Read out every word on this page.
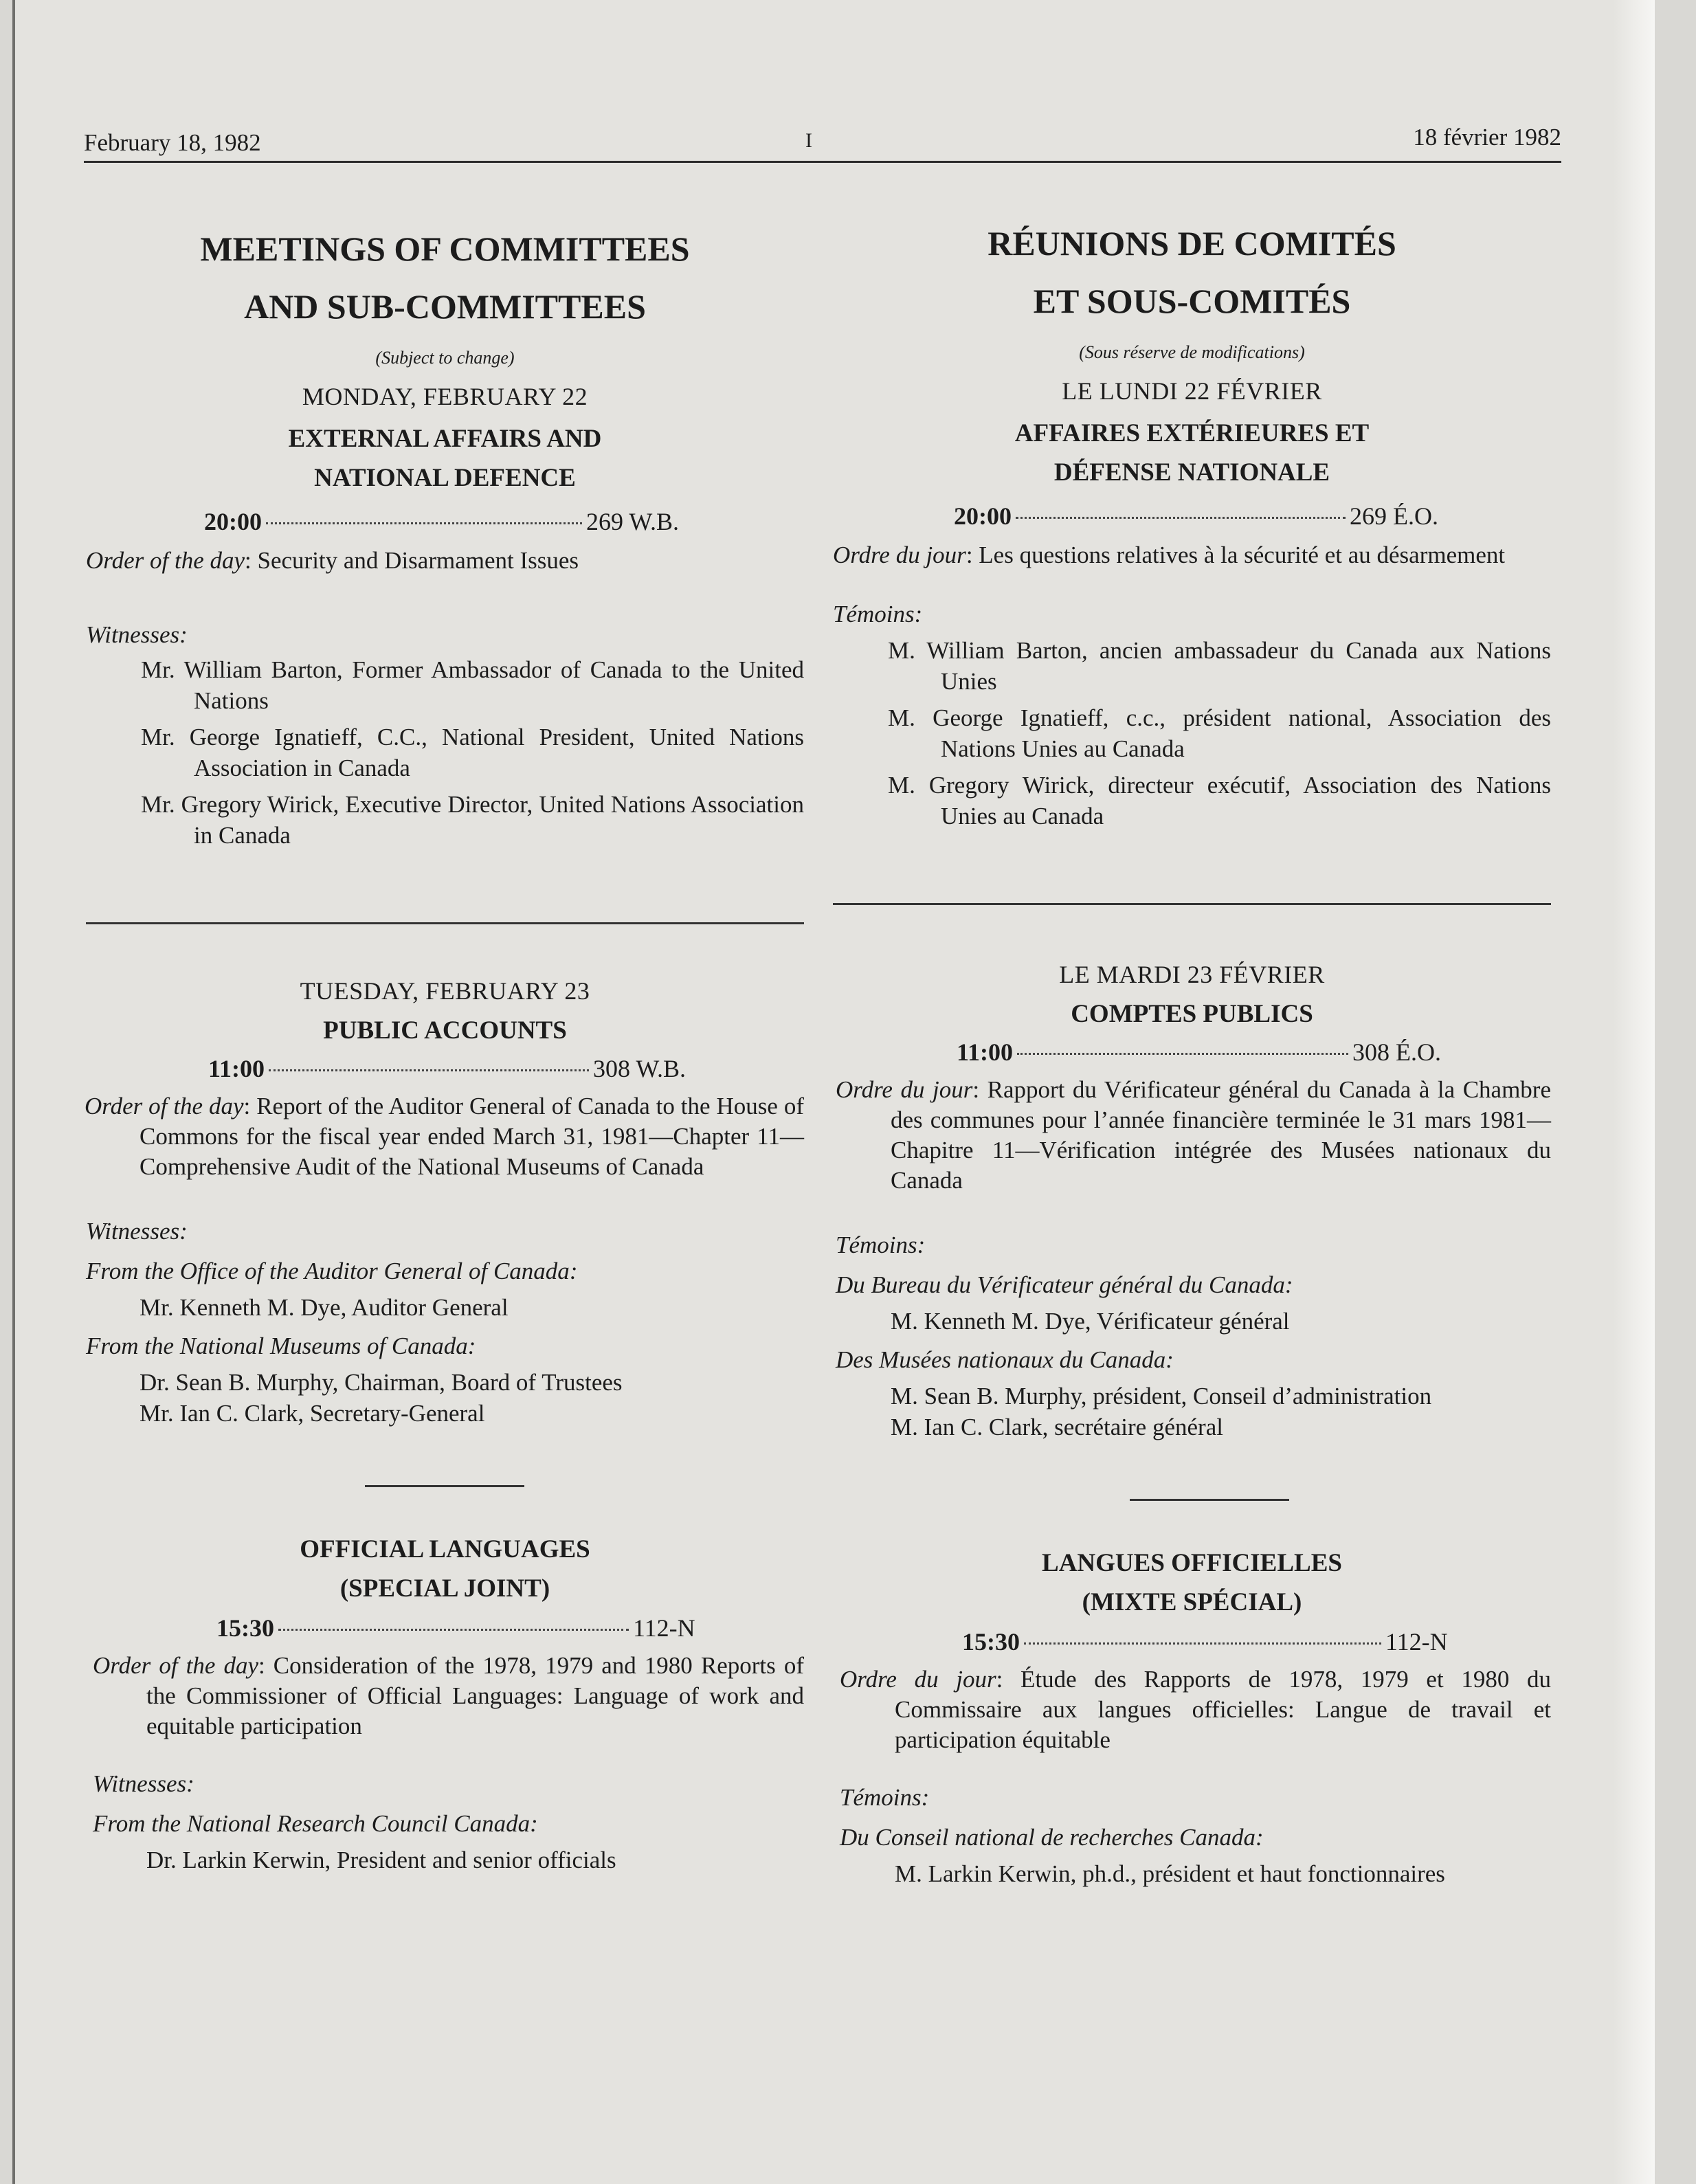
February 18, 1982	I	18 février 1982
MEETINGS OF COMMITTEES
AND SUB-COMMITTEES
(Subject to change)
MONDAY, FEBRUARY 22
EXTERNAL AFFAIRS AND
NATIONAL DEFENCE
20:00	269 W.B.
Order of the day: Security and Disarmament Issues
Witnesses:
Mr. William Barton, Former Ambassador of Canada to the United Nations
Mr. George Ignatieff, C.C., National President, United Nations Association in Canada
Mr. Gregory Wirick, Executive Director, United Nations Association in Canada
TUESDAY, FEBRUARY 23
PUBLIC ACCOUNTS
11:00	308 W.B.
Order of the day: Report of the Auditor General of Canada to the House of Commons for the fiscal year ended March 31, 1981—Chapter 11—Comprehensive Audit of the National Museums of Canada
Witnesses:
From the Office of the Auditor General of Canada:
Mr. Kenneth M. Dye, Auditor General
From the National Museums of Canada:
Dr. Sean B. Murphy, Chairman, Board of Trustees
Mr. Ian C. Clark, Secretary-General
OFFICIAL LANGUAGES
(SPECIAL JOINT)
15:30	112-N
Order of the day: Consideration of the 1978, 1979 and 1980 Reports of the Commissioner of Official Languages: Language of work and equitable participation
Witnesses:
From the National Research Council Canada:
Dr. Larkin Kerwin, President and senior officials
RÉUNIONS DE COMITÉS
ET SOUS-COMITÉS
(Sous réserve de modifications)
LE LUNDI 22 FÉVRIER
AFFAIRES EXTÉRIEURES ET
DÉFENSE NATIONALE
20:00	269 É.O.
Ordre du jour: Les questions relatives à la sécurité et au désarmement
Témoins:
M. William Barton, ancien ambassadeur du Canada aux Nations Unies
M. George Ignatieff, c.c., président national, Association des Nations Unies au Canada
M. Gregory Wirick, directeur exécutif, Association des Nations Unies au Canada
LE MARDI 23 FÉVRIER
COMPTES PUBLICS
11:00	308 É.O.
Ordre du jour: Rapport du Vérificateur général du Canada à la Chambre des communes pour l’année financière terminée le 31 mars 1981—Chapitre 11—Vérification intégrée des Musées nationaux du Canada
Témoins:
Du Bureau du Vérificateur général du Canada:
M. Kenneth M. Dye, Vérificateur général
Des Musées nationaux du Canada:
M. Sean B. Murphy, président, Conseil d’administration
M. Ian C. Clark, secrétaire général
LANGUES OFFICIELLES
(MIXTE SPÉCIAL)
15:30	112-N
Ordre du jour: Étude des Rapports de 1978, 1979 et 1980 du Commissaire aux langues officielles: Langue de travail et participation équitable
Témoins:
Du Conseil national de recherches Canada:
M. Larkin Kerwin, ph.d., président et haut fonctionnaires
